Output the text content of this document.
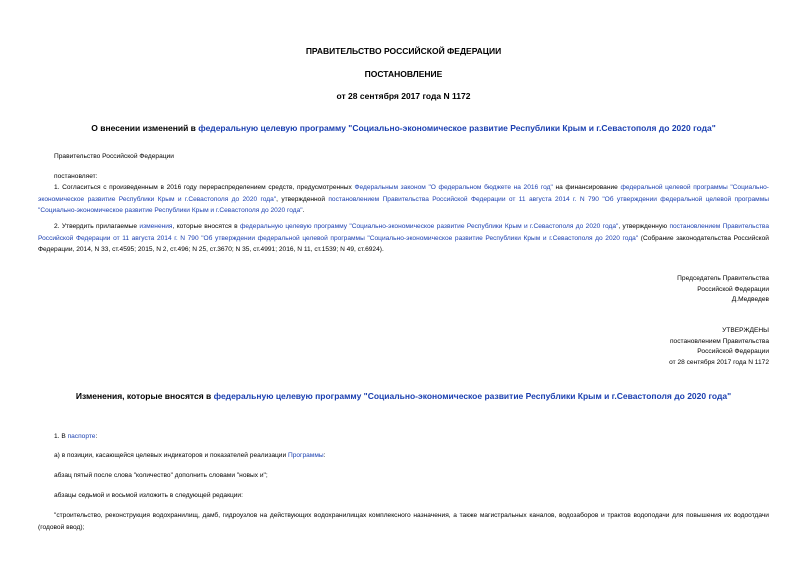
ПРАВИТЕЛЬСТВО РОССИЙСКОЙ ФЕДЕРАЦИИ
ПОСТАНОВЛЕНИЕ
от 28 сентября 2017 года N 1172
О внесении изменений в федеральную целевую программу "Социально-экономическое развитие Республики Крым и г.Севастополя до 2020 года"
Правительство Российской Федерации
постановляет:
1. Согласиться с произведенным в 2016 году перераспределением средств, предусмотренных Федеральным законом "О федеральном бюджете на 2016 год" на финансирование федеральной целевой программы "Социально-экономическое развитие Республики Крым и г.Севастополя до 2020 года", утвержденной постановлением Правительства Российской Федерации от 11 августа 2014 г. N 790 "Об утверждении федеральной целевой программы "Социально-экономическое развитие Республики Крым и г.Севастополя до 2020 года".
2. Утвердить прилагаемые изменения, которые вносятся в федеральную целевую программу "Социально-экономическое развитие Республики Крым и г.Севастополя до 2020 года", утвержденную постановлением Правительства Российской Федерации от 11 августа 2014 г. N 790 "Об утверждении федеральной целевой программы "Социально-экономическое развитие Республики Крым и г.Севастополя до 2020 года" (Собрание законодательства Российской Федерации, 2014, N 33, ст.4595; 2015, N 2, ст.496; N 25, ст.3670; N 35, ст.4991; 2016, N 11, ст.1539; N 49, ст.6924).
Председатель Правительства
Российской Федерации
Д.Медведев
УТВЕРЖДЕНЫ
постановлением Правительства
Российской Федерации
от 28 сентября 2017 года N 1172
Изменения, которые вносятся в федеральную целевую программу "Социально-экономическое развитие Республики Крым и г.Севастополя до 2020 года"
1. В паспорте:
а) в позиции, касающейся целевых индикаторов и показателей реализации Программы:
абзац пятый после слова "количество" дополнить словами "новых и";
абзацы седьмой и восьмой изложить в следующей редакции:
"строительство, реконструкция водохранилищ, дамб, гидроузлов на действующих водохранилищах комплексного назначения, а также магистральных каналов, водозаборов и трактов водоподачи для повышения их водоотдачи (годовой ввод);
